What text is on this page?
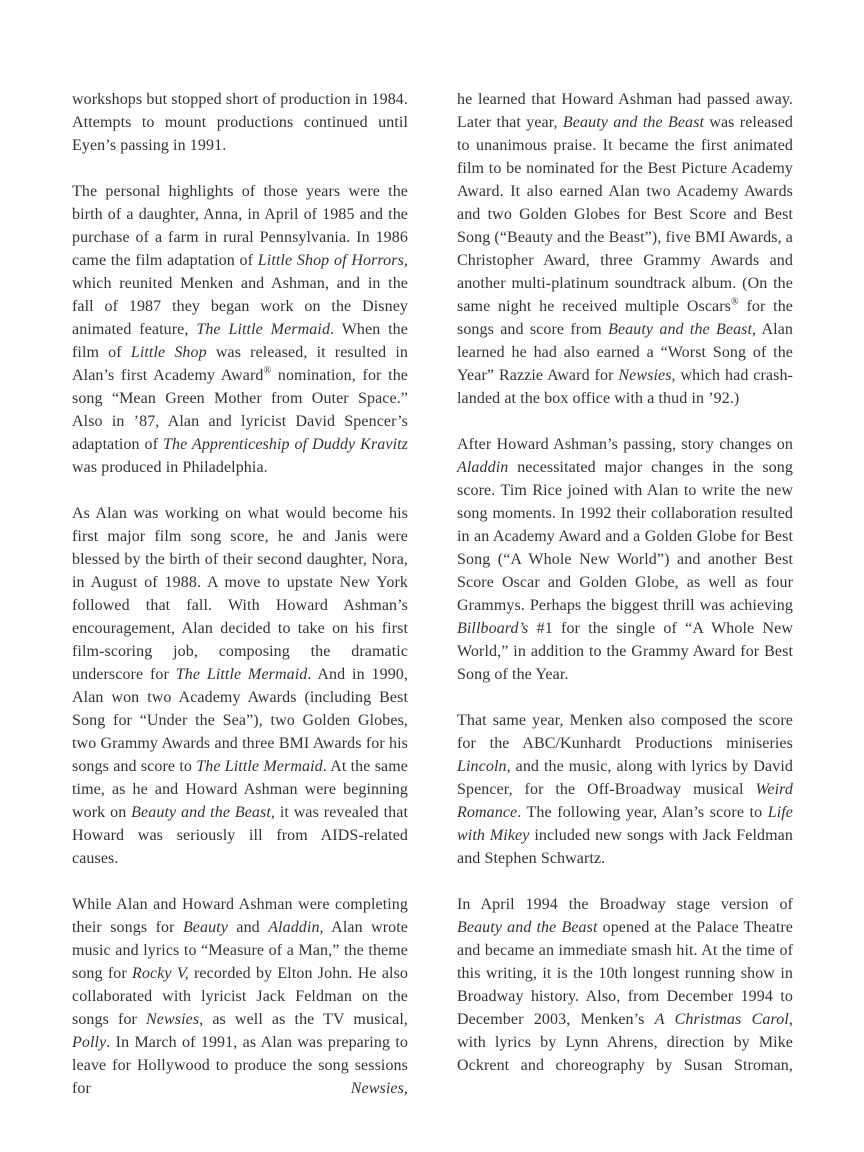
workshops but stopped short of production in 1984. Attempts to mount productions continued until Eyen’s passing in 1991.

The personal highlights of those years were the birth of a daughter, Anna, in April of 1985 and the purchase of a farm in rural Pennsylvania. In 1986 came the film adaptation of Little Shop of Horrors, which reunited Menken and Ashman, and in the fall of 1987 they began work on the Disney animated feature, The Little Mermaid. When the film of Little Shop was released, it resulted in Alan’s first Academy Award® nomination, for the song “Mean Green Mother from Outer Space.” Also in ’87, Alan and lyricist David Spencer’s adaptation of The Apprenticeship of Duddy Kravitz was produced in Philadelphia.

As Alan was working on what would become his first major film song score, he and Janis were blessed by the birth of their second daughter, Nora, in August of 1988. A move to upstate New York followed that fall. With Howard Ashman’s encouragement, Alan decided to take on his first film-scoring job, composing the dramatic underscore for The Little Mermaid. And in 1990, Alan won two Academy Awards (including Best Song for “Under the Sea”), two Golden Globes, two Grammy Awards and three BMI Awards for his songs and score to The Little Mermaid. At the same time, as he and Howard Ashman were beginning work on Beauty and the Beast, it was revealed that Howard was seriously ill from AIDS-related causes.

While Alan and Howard Ashman were completing their songs for Beauty and Aladdin, Alan wrote music and lyrics to “Measure of a Man,” the theme song for Rocky V, recorded by Elton John. He also collaborated with lyricist Jack Feldman on the songs for Newsies, as well as the TV musical, Polly. In March of 1991, as Alan was preparing to leave for Hollywood to produce the song sessions for Newsies,

he learned that Howard Ashman had passed away. Later that year, Beauty and the Beast was released to unanimous praise. It became the first animated film to be nominated for the Best Picture Academy Award. It also earned Alan two Academy Awards and two Golden Globes for Best Score and Best Song (“Beauty and the Beast”), five BMI Awards, a Christopher Award, three Grammy Awards and another multi-platinum soundtrack album. (On the same night he received multiple Oscars® for the songs and score from Beauty and the Beast, Alan learned he had also earned a “Worst Song of the Year” Razzie Award for Newsies, which had crash-landed at the box office with a thud in ’92.)

After Howard Ashman’s passing, story changes on Aladdin necessitated major changes in the song score. Tim Rice joined with Alan to write the new song moments. In 1992 their collaboration resulted in an Academy Award and a Golden Globe for Best Song (“A Whole New World”) and another Best Score Oscar and Golden Globe, as well as four Grammys. Perhaps the biggest thrill was achieving Billboard’s #1 for the single of “A Whole New World,” in addition to the Grammy Award for Best Song of the Year.

That same year, Menken also composed the score for the ABC/Kunhardt Productions miniseries Lincoln, and the music, along with lyrics by David Spencer, for the Off-Broadway musical Weird Romance. The following year, Alan’s score to Life with Mikey included new songs with Jack Feldman and Stephen Schwartz.

In April 1994 the Broadway stage version of Beauty and the Beast opened at the Palace Theatre and became an immediate smash hit. At the time of this writing, it is the 10th longest running show in Broadway history. Also, from December 1994 to December 2003, Menken’s A Christmas Carol, with lyrics by Lynn Ahrens, direction by Mike Ockrent and choreography by Susan Stroman,
